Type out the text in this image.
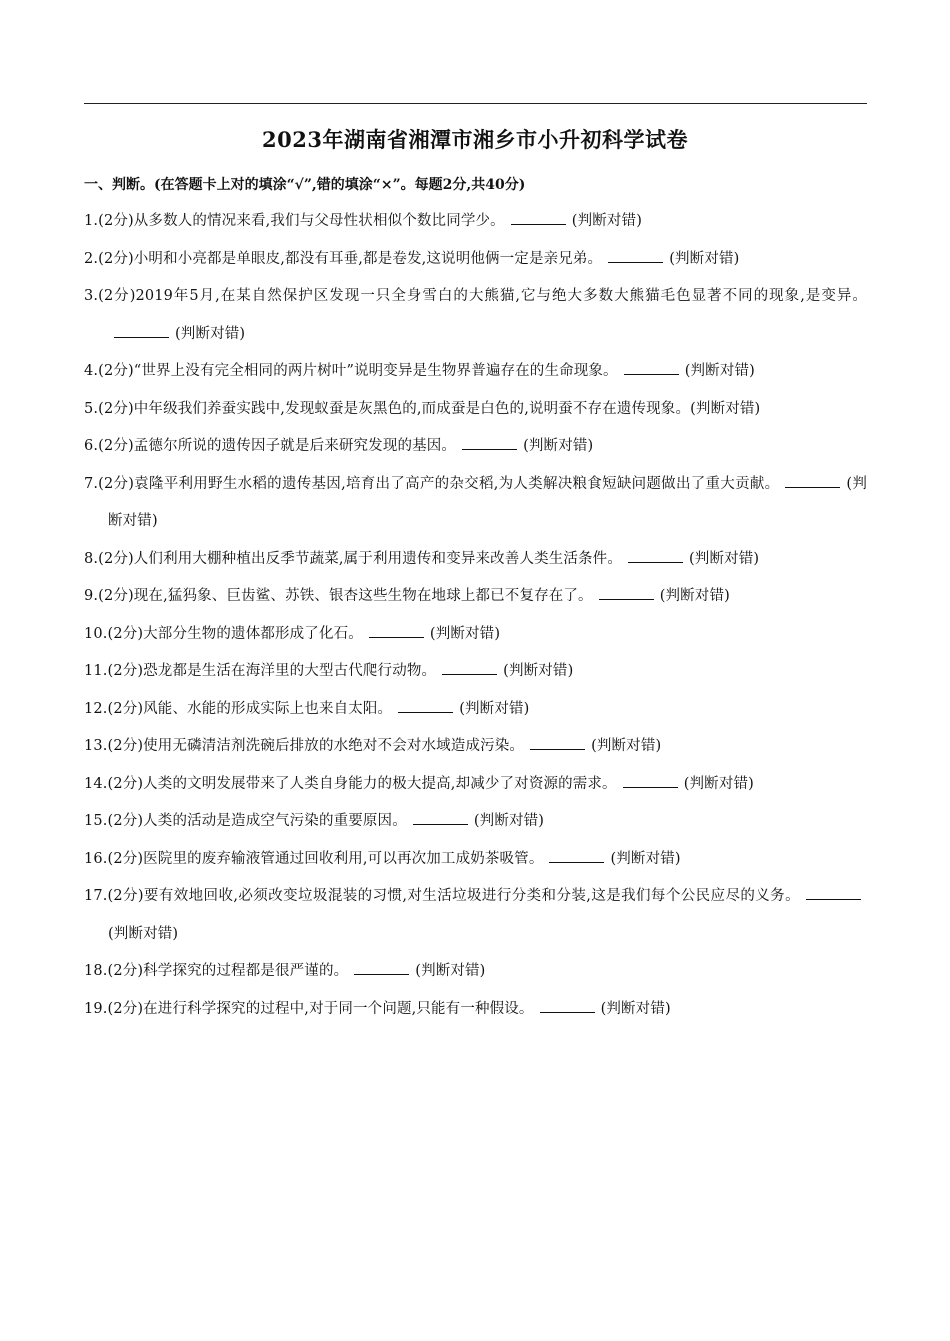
2023年湖南省湘潭市湘乡市小升初科学试卷
一、判断。(在答题卡上对的填涂“√”,错的填涂“×”。每题2分,共40分)
1.(2分)从多数人的情况来看,我们与父母性状相似个数比同学少。	(判断对错)
2.(2分)小明和小亮都是单眼皮,都没有耳垂,都是卷发,这说明他俩一定是亲兄弟。	(判断对错)
3.(2分)2019年5月,在某自然保护区发现一只全身雪白的大熊猫,它与绝大多数大熊猫毛色显著不同的现象,是变异。(判断对错)
4.(2分)“世界上没有完全相同的两片树叶”说明变异是生物界普遍存在的生命现象。	(判断对错)
5.(2分)中年级我们养蚕实践中,发现蚁蚕是灰黑色的,而成蚕是白色的,说明蚕不存在遗传现象。(判断对错)
6.(2分)孟德尔所说的遗传因子就是后来研究发现的基因。	(判断对错)
7.(2分)袁隆平利用野生水稻的遗传基因,培育出了高产的杂交稻,为人类解决粮食短缺问题做出了重大贡献。	(判断对错)
8.(2分)人们利用大棚种植出反季节蔬菜,属于利用遗传和变异来改善人类生活条件。	(判断对错)
9.(2分)现在,猛犸象、巨齿鲨、苏铁、银杏这些生物在地球上都已不复存在了。	(判断对错)
10.(2分)大部分生物的遗体都形成了化石。	(判断对错)
11.(2分)恐龙都是生活在海洋里的大型古代爬行动物。	(判断对错)
12.(2分)风能、水能的形成实际上也来自太阳。	(判断对错)
13.(2分)使用无磷清洁剂洗碗后排放的水绝对不会对水域造成污染。	(判断对错)
14.(2分)人类的文明发展带来了人类自身能力的极大提高,却减少了对资源的需求。	(判断对错)
15.(2分)人类的活动是造成空气污染的重要原因。	(判断对错)
16.(2分)医院里的废弃输液管通过回收利用,可以再次加工成奶茶吸管。	(判断对错)
17.(2分)要有效地回收,必须改变垃圾混装的习惯,对生活垃圾进行分类和分装,这是我们每个公民应尽的义务。(判断对错)
18.(2分)科学探究的过程都是很严谨的。	(判断对错)
19.(2分)在进行科学探究的过程中,对于同一个问题,只能有一种假设。	(判断对错)
